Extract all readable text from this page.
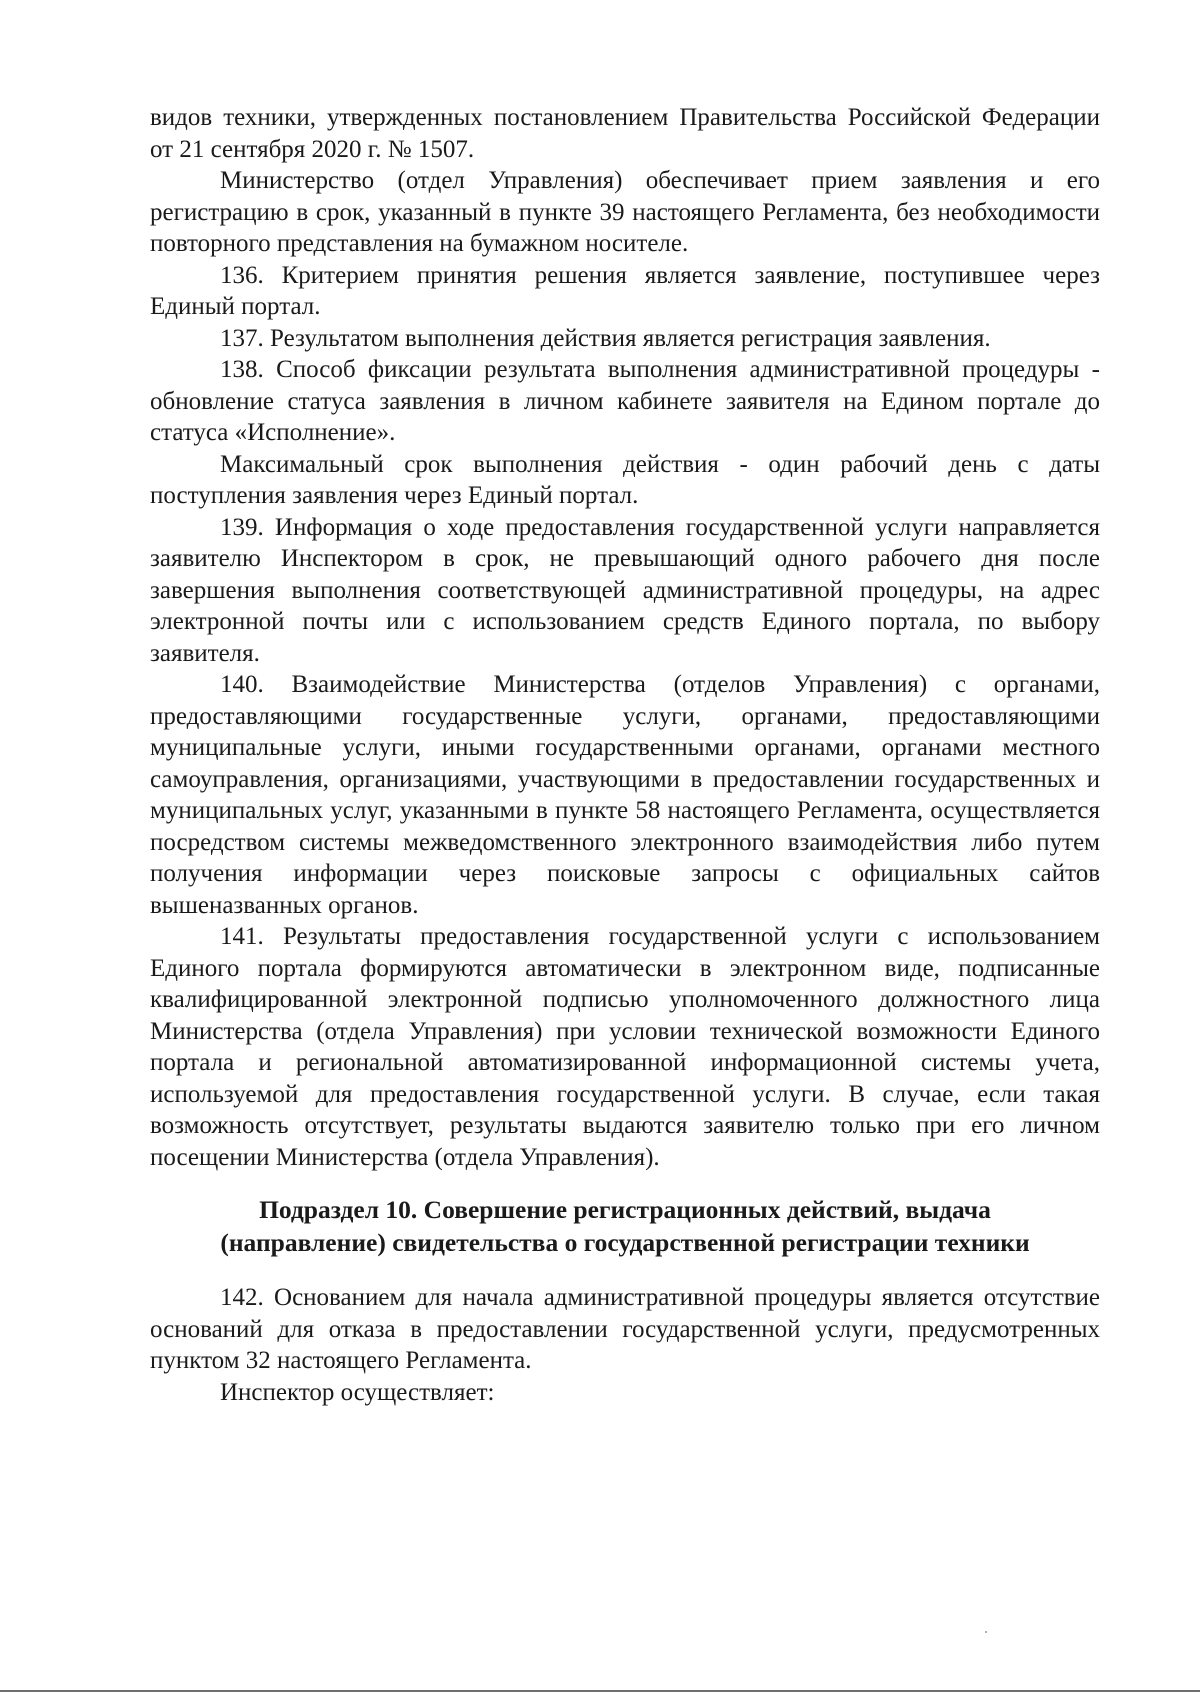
видов техники, утвержденных постановлением Правительства Российской Федерации от 21 сентября 2020 г. № 1507.

Министерство (отдел Управления) обеспечивает прием заявления и его регистрацию в срок, указанный в пункте 39 настоящего Регламента, без необходимости повторного представления на бумажном носителе.

136. Критерием принятия решения является заявление, поступившее через Единый портал.

137. Результатом выполнения действия является регистрация заявления.

138. Способ фиксации результата выполнения административной процедуры - обновление статуса заявления в личном кабинете заявителя на Едином портале до статуса «Исполнение».

Максимальный срок выполнения действия - один рабочий день с даты поступления заявления через Единый портал.

139. Информация о ходе предоставления государственной услуги направляется заявителю Инспектором в срок, не превышающий одного рабочего дня после завершения выполнения соответствующей административной процедуры, на адрес электронной почты или с использованием средств Единого портала, по выбору заявителя.

140. Взаимодействие Министерства (отделов Управления) с органами, предоставляющими государственные услуги, органами, предоставляющими муниципальные услуги, иными государственными органами, органами местного самоуправления, организациями, участвующими в предоставлении государственных и муниципальных услуг, указанными в пункте 58 настоящего Регламента, осуществляется посредством системы межведомственного электронного взаимодействия либо путем получения информации через поисковые запросы с официальных сайтов вышеназванных органов.

141. Результаты предоставления государственной услуги с использованием Единого портала формируются автоматически в электронном виде, подписанные квалифицированной электронной подписью уполномоченного должностного лица Министерства (отдела Управления) при условии технической возможности Единого портала и региональной автоматизированной информационной системы учета, используемой для предоставления государственной услуги. В случае, если такая возможность отсутствует, результаты выдаются заявителю только при его личном посещении Министерства (отдела Управления).

Подраздел 10. Совершение регистрационных действий, выдача
(направление) свидетельства о государственной регистрации техники

142. Основанием для начала административной процедуры является отсутствие оснований для отказа в предоставлении государственной услуги, предусмотренных пунктом 32 настоящего Регламента.

Инспектор осуществляет:
